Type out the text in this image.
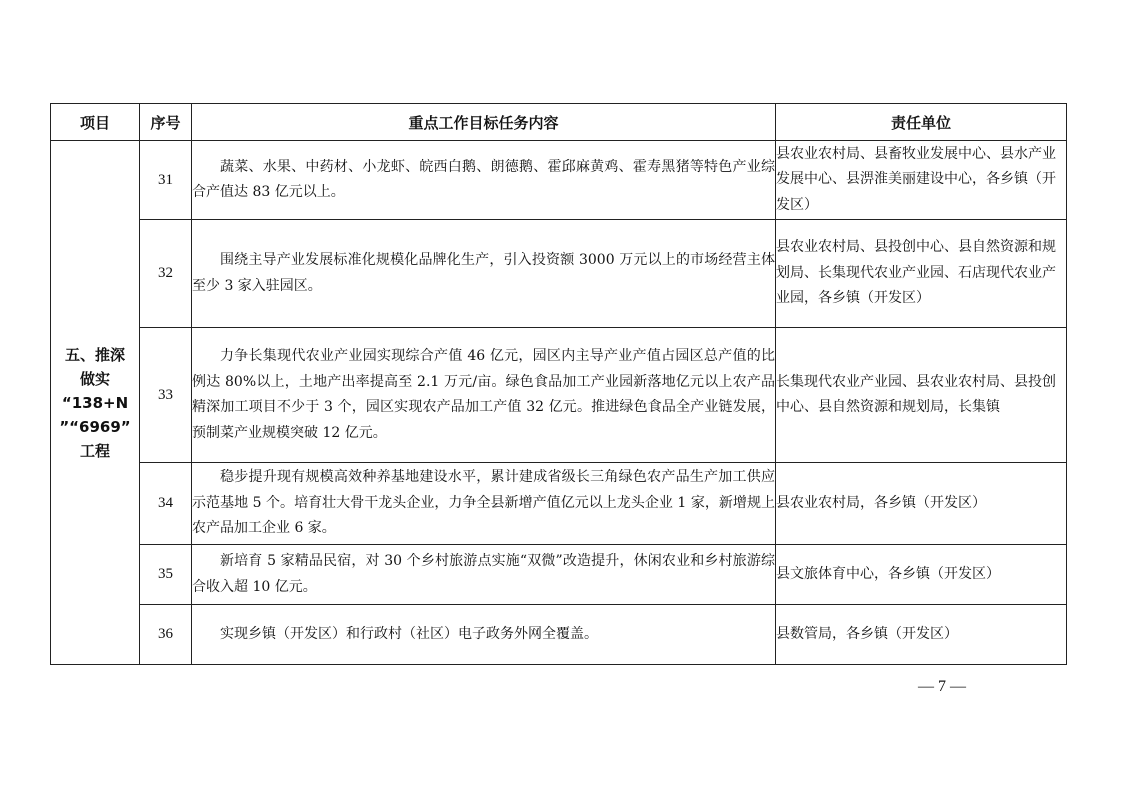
项目	序号	重点工作目标任务内容	责任单位

五、推深
做实
“138+N
”“6969”
工程	31	蔬菜、水果、中药材、小龙虾、皖西白鹅、朗德鹅、霍邱麻黄鸡、霍寿黑猪等特色产业综合产值达 83 亿元以上。	县农业农村局、县畜牧业发展中心、县水产业发展中心、县淠淮美丽建设中心，各乡镇（开发区）
	32	围绕主导产业发展标准化规模化品牌化生产，引入投资额 3000 万元以上的市场经营主体至少 3 家入驻园区。	县农业农村局、县投创中心、县自然资源和规划局、长集现代农业产业园、石店现代农业产业园，各乡镇（开发区）
	33	力争长集现代农业产业园实现综合产值 46 亿元，园区内主导产业产值占园区总产值的比例达 80%以上，土地产出率提高至 2.1 万元/亩。绿色食品加工产业园新落地亿元以上农产品精深加工项目不少于 3 个，园区实现农产品加工产值 32 亿元。推进绿色食品全产业链发展，预制菜产业规模突破 12 亿元。	长集现代农业产业园、县农业农村局、县投创中心、县自然资源和规划局，长集镇
	34	稳步提升现有规模高效种养基地建设水平，累计建成省级长三角绿色农产品生产加工供应示范基地 5 个。培育壮大骨干龙头企业，力争全县新增产值亿元以上龙头企业 1 家，新增规上农产品加工企业 6 家。	县农业农村局，各乡镇（开发区）
	35	新培育 5 家精品民宿，对 30 个乡村旅游点实施“双微”改造提升，休闲农业和乡村旅游综合收入超 10 亿元。	县文旅体育中心，各乡镇（开发区）
	36	实现乡镇（开发区）和行政村（社区）电子政务外网全覆盖。	县数管局，各乡镇（开发区）
— 7 —
